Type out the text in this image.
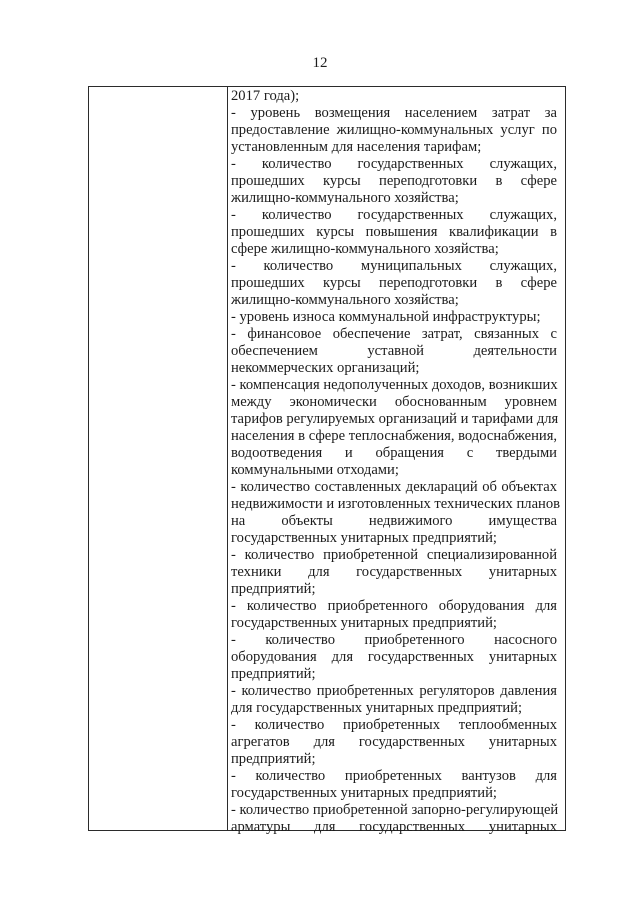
12
2017 года);
- уровень возмещения населением затрат за
предоставление жилищно-коммунальных услуг по
установленным для населения тарифам;
- количество государственных служащих,
прошедших курсы переподготовки в сфере
жилищно-коммунального хозяйства;
- количество государственных служащих,
прошедших курсы повышения квалификации в
сфере жилищно-коммунального хозяйства;
- количество муниципальных служащих,
прошедших курсы переподготовки в сфере
жилищно-коммунального хозяйства;
- уровень износа коммунальной инфраструктуры;
- финансовое обеспечение затрат, связанных с
обеспечением уставной деятельности
некоммерческих организаций;
- компенсация недополученных доходов, возникших
между экономически обоснованным уровнем
тарифов регулируемых организаций и тарифами для
населения в сфере теплоснабжения, водоснабжения,
водоотведения и обращения с твердыми
коммунальными отходами;
- количество составленных деклараций об объектах
недвижимости и изготовленных технических планов
на объекты недвижимого имущества
государственных унитарных предприятий;
- количество приобретенной специализированной
техники для государственных унитарных
предприятий;
- количество приобретенного оборудования для
государственных унитарных предприятий;
- количество приобретенного насосного
оборудования для государственных унитарных
предприятий;
- количество приобретенных регуляторов давления
для государственных унитарных предприятий;
- количество приобретенных теплообменных
агрегатов для государственных унитарных
предприятий;
- количество приобретенных вантузов для
государственных унитарных предприятий;
- количество приобретенной запорно-регулирующей
арматуры для государственных унитарных
